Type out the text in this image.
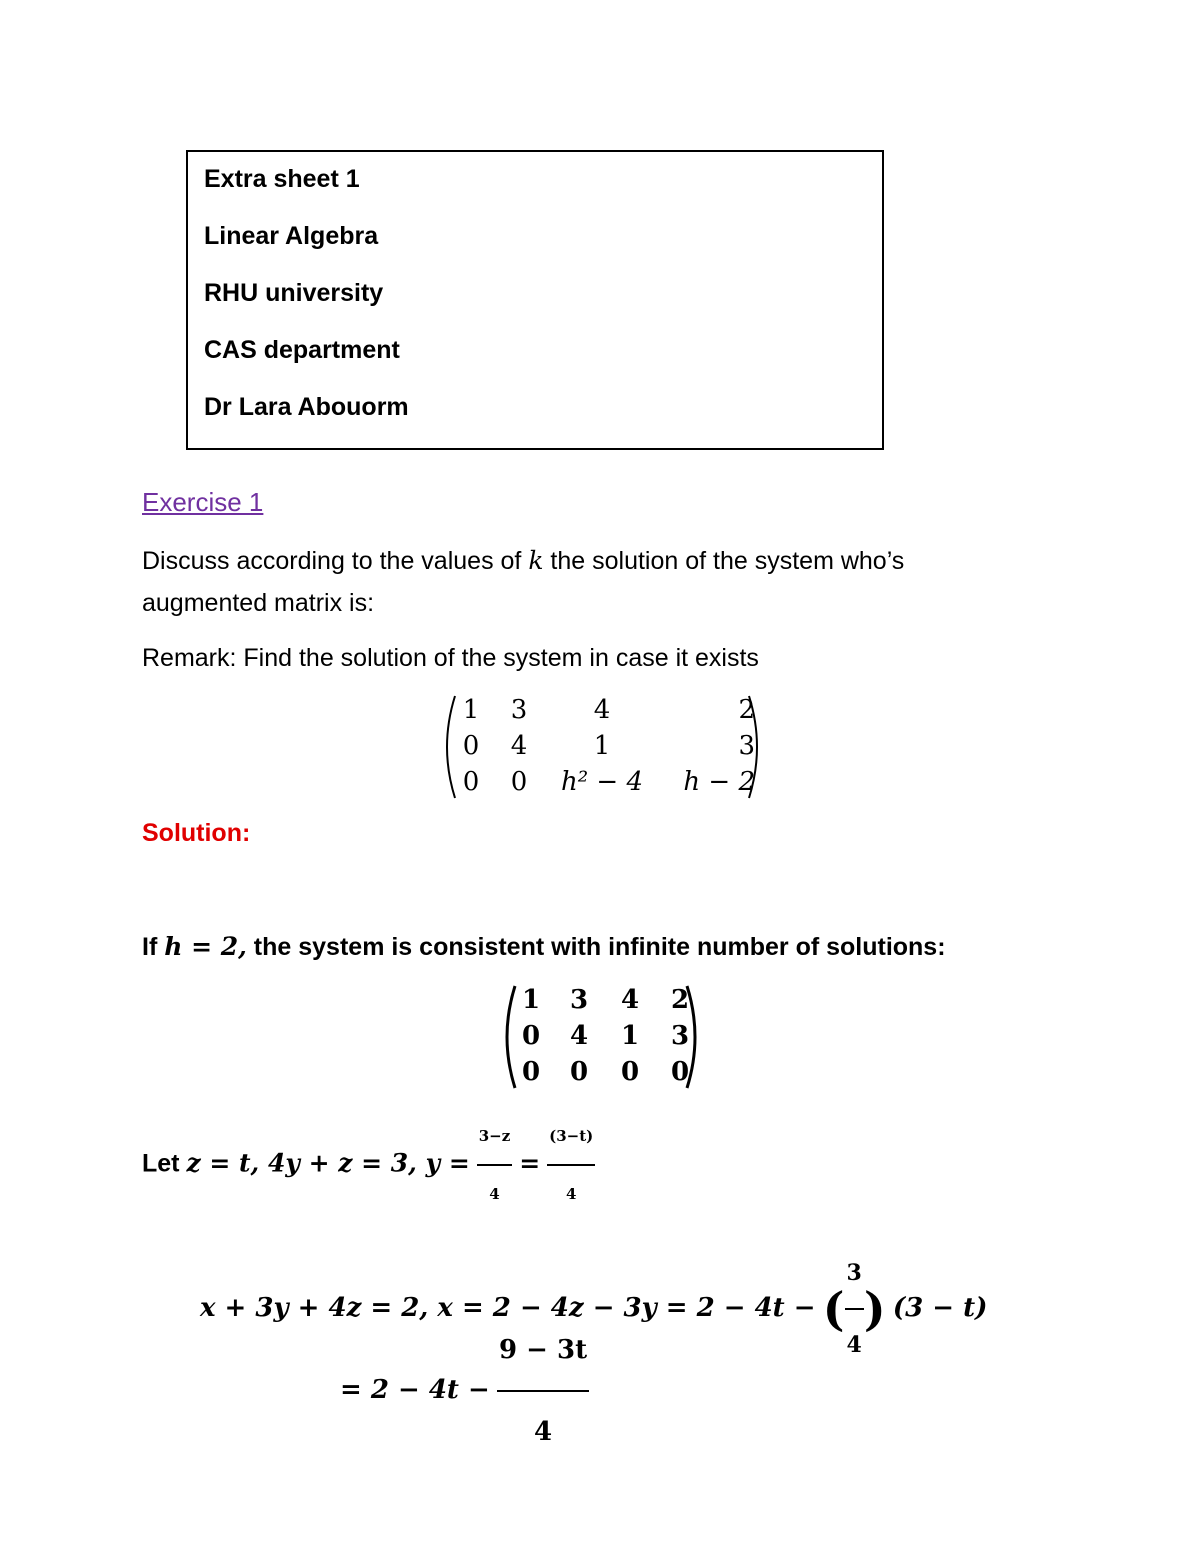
Extra sheet 1
Linear Algebra
RHU university
CAS department
Dr Lara Abouorm
Exercise 1
Discuss according to the values of k the solution of the system who’s
augmented matrix is:
Remark: Find the solution of the system in case it exists
1	3	4	2
0	4	1	3
0	0	h² − 4	h − 2
Solution:
If h = 2, the system is consistent with infinite number of solutions:
1	3	4	2
0	4	1	3
0	0	0	0
Let z = t, 4y + z = 3, $y = \frac{3-z}{4} = \frac{(3-t)}{4}$
x + 3y + 4z = 2, x = 2 − 4z − 3y = 2 − 4t − ( $\frac{3}{4}$ ) (3 − t)
= $2 - 4t - \frac{9 - 3t}{4}$
